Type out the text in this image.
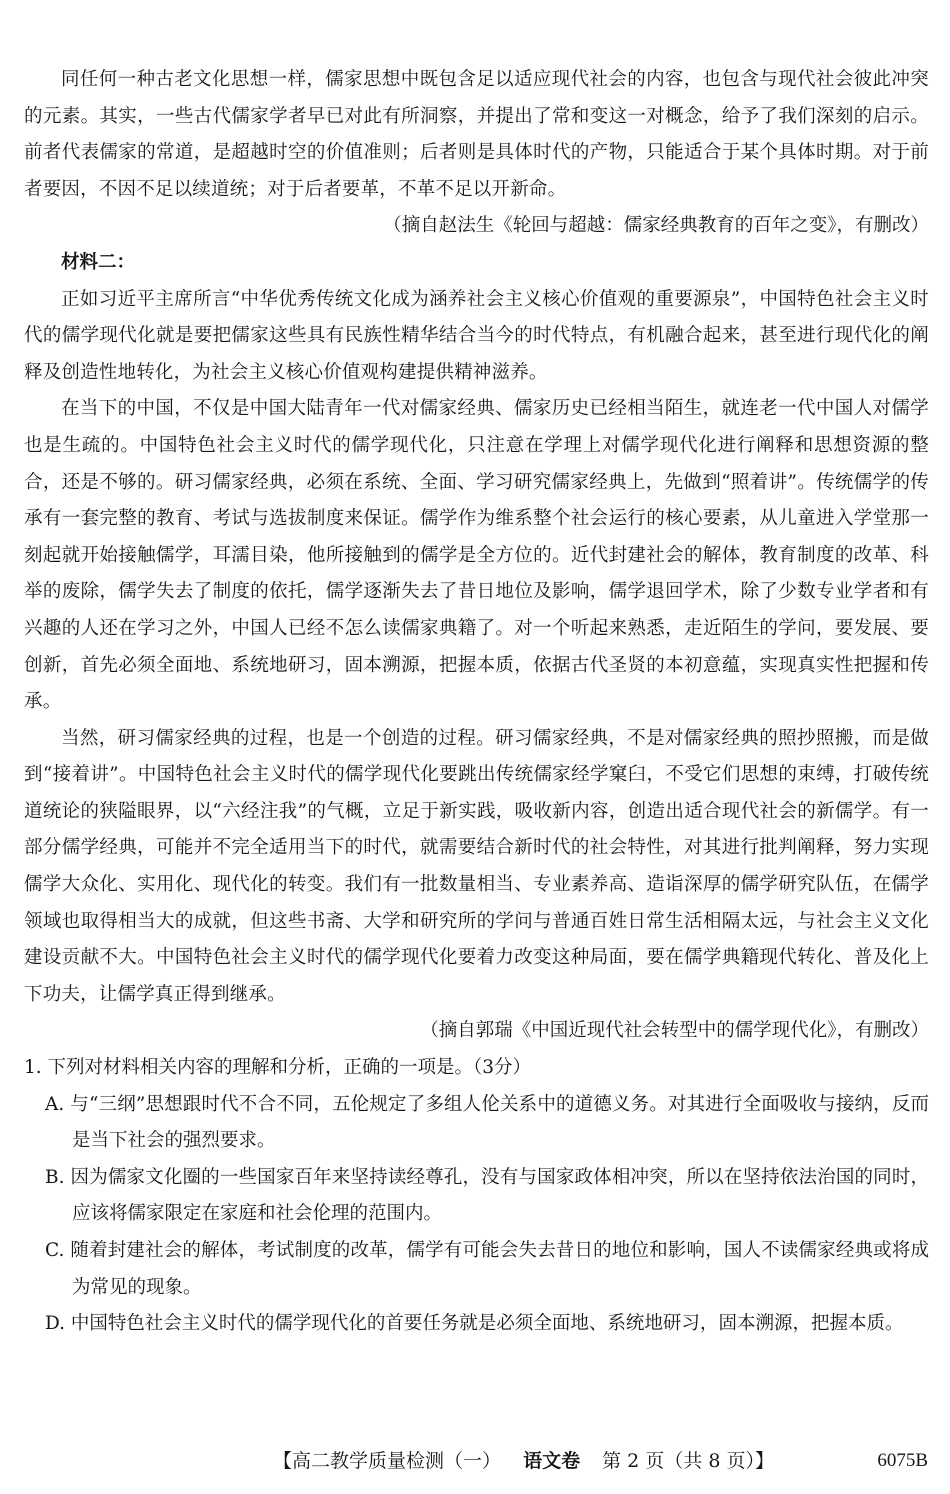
同任何一种古老文化思想一样，儒家思想中既包含足以适应现代社会的内容，也包含与现代社会彼此冲突的元素。其实，一些古代儒家学者早已对此有所洞察，并提出了常和变这一对概念，给予了我们深刻的启示。前者代表儒家的常道，是超越时空的价值准则；后者则是具体时代的产物，只能适合于某个具体时期。对于前者要因，不因不足以续道统；对于后者要革，不革不足以开新命。

（摘自赵法生《轮回与超越：儒家经典教育的百年之变》，有删改）

材料二：

正如习近平主席所言“中华优秀传统文化成为涵养社会主义核心价值观的重要源泉”，中国特色社会主义时代的儒学现代化就是要把儒家这些具有民族性精华结合当今的时代特点，有机融合起来，甚至进行现代化的阐释及创造性地转化，为社会主义核心价值观构建提供精神滋养。

在当下的中国，不仅是中国大陆青年一代对儒家经典、儒家历史已经相当陌生，就连老一代中国人对儒学也是生疏的。中国特色社会主义时代的儒学现代化，只注意在学理上对儒学现代化进行阐释和思想资源的整合，还是不够的。研习儒家经典，必须在系统、全面、学习研究儒家经典上，先做到“照着讲”。传统儒学的传承有一套完整的教育、考试与选拔制度来保证。儒学作为维系整个社会运行的核心要素，从儿童进入学堂那一刻起就开始接触儒学，耳濡目染，他所接触到的儒学是全方位的。近代封建社会的解体，教育制度的改革、科举的废除，儒学失去了制度的依托，儒学逐渐失去了昔日地位及影响，儒学退回学术，除了少数专业学者和有兴趣的人还在学习之外，中国人已经不怎么读儒家典籍了。对一个听起来熟悉，走近陌生的学问，要发展、要创新，首先必须全面地、系统地研习，固本溯源，把握本质，依据古代圣贤的本初意蕴，实现真实性把握和传承。

当然，研习儒家经典的过程，也是一个创造的过程。研习儒家经典，不是对儒家经典的照抄照搬，而是做到“接着讲”。中国特色社会主义时代的儒学现代化要跳出传统儒家经学窠臼，不受它们思想的束缚，打破传统道统论的狭隘眼界，以“六经注我”的气概，立足于新实践，吸收新内容，创造出适合现代社会的新儒学。有一部分儒学经典，可能并不完全适用当下的时代，就需要结合新时代的社会特性，对其进行批判阐释，努力实现儒学大众化、实用化、现代化的转变。我们有一批数量相当、专业素养高、造诣深厚的儒学研究队伍，在儒学领域也取得相当大的成就，但这些书斋、大学和研究所的学问与普通百姓日常生活相隔太远，与社会主义文化建设贡献不大。中国特色社会主义时代的儒学现代化要着力改变这种局面，要在儒学典籍现代转化、普及化上下功夫，让儒学真正得到继承。

（摘自郭瑞《中国近现代社会转型中的儒学现代化》，有删改）

1. 下列对材料相关内容的理解和分析，正确的一项是。（3分）

A. 与“三纲”思想跟时代不合不同，五伦规定了多组人伦关系中的道德义务。对其进行全面吸收与接纳，反而是当下社会的强烈要求。

B. 因为儒家文化圈的一些国家百年来坚持读经尊孔，没有与国家政体相冲突，所以在坚持依法治国的同时，应该将儒家限定在家庭和社会伦理的范围内。

C. 随着封建社会的解体，考试制度的改革，儒学有可能会失去昔日的地位和影响，国人不读儒家经典或将成为常见的现象。

D. 中国特色社会主义时代的儒学现代化的首要任务就是必须全面地、系统地研习，固本溯源，把握本质。

【高二教学质量检测（一） 语文卷 第 2 页（共 8 页）】	6075B
